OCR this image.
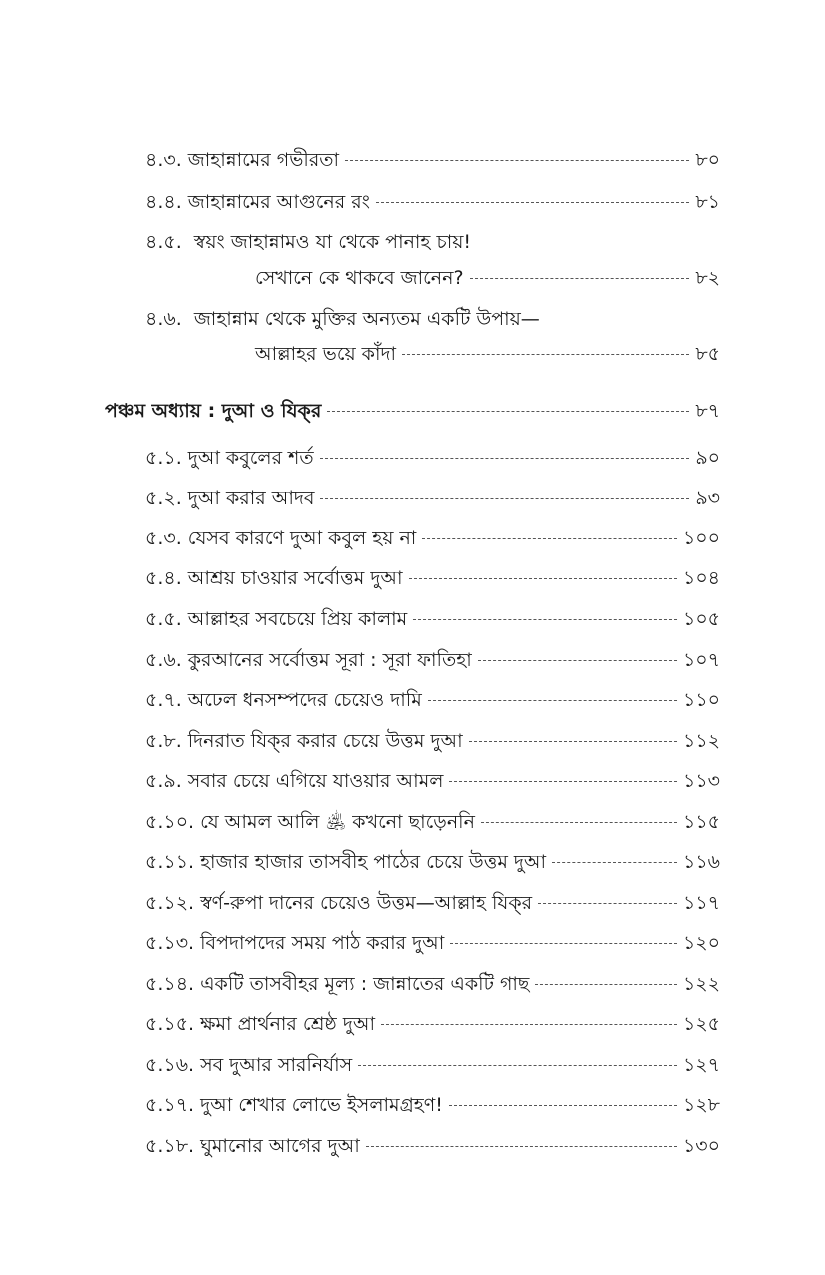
৪.৩. জাহান্নামের গভীরতা	৮০
৪.৪. জাহান্নামের আগুনের রং	৮১
৪.৫. স্বয়ং জাহান্নামও যা থেকে পানাহ চায়!
সেখানে কে থাকবে জানেন?	৮২
৪.৬. জাহান্নাম থেকে মুক্তির অন্যতম একটি উপায়—
আল্লাহর ভয়ে কাঁদা	৮৫
পঞ্চম অধ্যায় : দুআ ও যিক্‌র	৮৭
৫.১. দুআ কবুলের শর্ত	৯০
৫.২. দুআ করার আদব	৯৩
৫.৩. যেসব কারণে দুআ কবুল হয় না	১০০
৫.৪. আশ্রয় চাওয়ার সর্বোত্তম দুআ	১০৪
৫.৫. আল্লাহর সবচেয়ে প্রিয় কালাম	১০৫
৫.৬. কুরআনের সর্বোত্তম সূরা : সূরা ফাতিহা	১০৭
৫.৭. অঢেল ধনসম্পদের চেয়েও দামি	১১০
৫.৮. দিনরাত যিক্‌র করার চেয়ে উত্তম দুআ	১১২
৫.৯. সবার চেয়ে এগিয়ে যাওয়ার আমল	১১৩
৫.১০. যে আমল আলি ﵁ কখনো ছাড়েননি	১১৫
৫.১১. হাজার হাজার তাসবীহ পাঠের চেয়ে উত্তম দুআ	১১৬
৫.১২. স্বর্ণ-রুপা দানের চেয়েও উত্তম—আল্লাহ যিক্‌র	১১৭
৫.১৩. বিপদাপদের সময় পাঠ করার দুআ	১২০
৫.১৪. একটি তাসবীহর মূল্য : জান্নাতের একটি গাছ	১২২
৫.১৫. ক্ষমা প্রার্থনার শ্রেষ্ঠ দুআ	১২৫
৫.১৬. সব দুআর সারনির্যাস	১২৭
৫.১৭. দুআ শেখার লোভে ইসলামগ্রহণ!	১২৮
৫.১৮. ঘুমানোর আগের দুআ	১৩০
